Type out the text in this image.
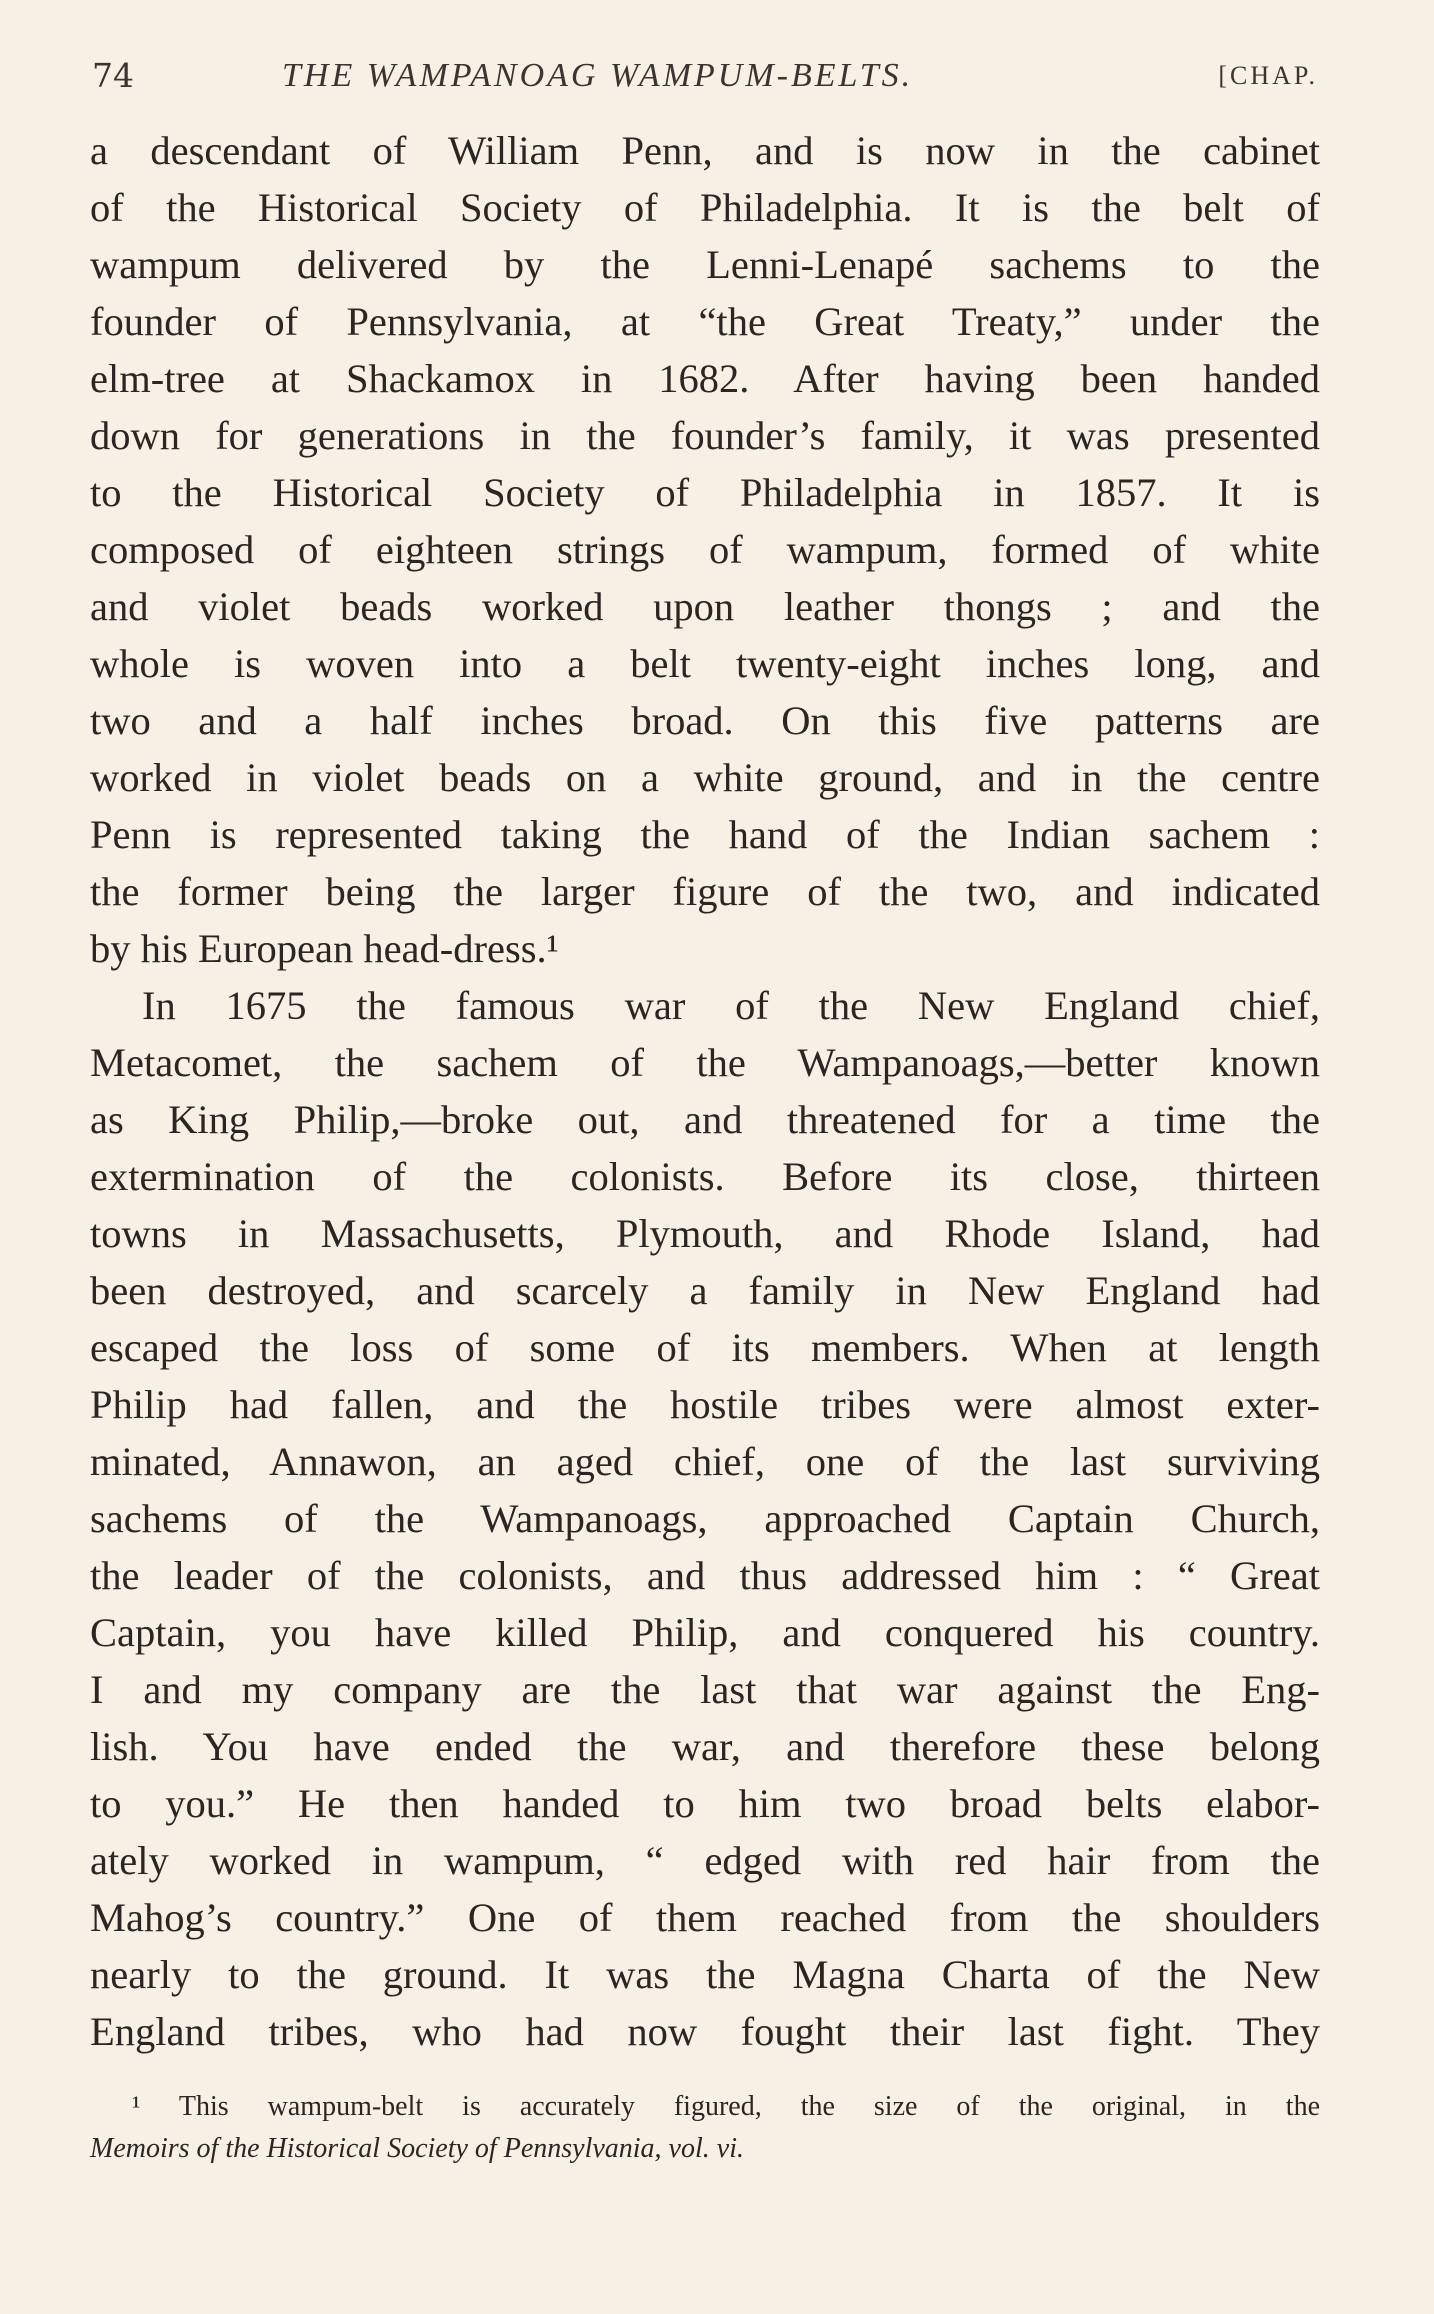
74	THE WAMPANOAG WAMPUM-BELTS.	[CHAP.
a descendant of William Penn, and is now in the cabinet
of the Historical Society of Philadelphia. It is the belt of
wampum delivered by the Lenni-Lenapé sachems to the
founder of Pennsylvania, at “the Great Treaty,” under the
elm-tree at Shackamox in 1682. After having been handed
down for generations in the founder’s family, it was presented
to the Historical Society of Philadelphia in 1857. It is
composed of eighteen strings of wampum, formed of white
and violet beads worked upon leather thongs ; and the
whole is woven into a belt twenty-eight inches long, and
two and a half inches broad. On this five patterns are
worked in violet beads on a white ground, and in the centre
Penn is represented taking the hand of the Indian sachem :
the former being the larger figure of the two, and indicated
by his European head-dress.¹
In 1675 the famous war of the New England chief,
Metacomet, the sachem of the Wampanoags,—better known
as King Philip,—broke out, and threatened for a time the
extermination of the colonists. Before its close, thirteen
towns in Massachusetts, Plymouth, and Rhode Island, had
been destroyed, and scarcely a family in New England had
escaped the loss of some of its members. When at length
Philip had fallen, and the hostile tribes were almost exter-
minated, Annawon, an aged chief, one of the last surviving
sachems of the Wampanoags, approached Captain Church,
the leader of the colonists, and thus addressed him : “ Great
Captain, you have killed Philip, and conquered his country.
I and my company are the last that war against the Eng-
lish. You have ended the war, and therefore these belong
to you.” He then handed to him two broad belts elabor-
ately worked in wampum, “ edged with red hair from the
Mahog’s country.” One of them reached from the shoulders
nearly to the ground. It was the Magna Charta of the New
England tribes, who had now fought their last fight. They
¹ This wampum-belt is accurately figured, the size of the original, in the
Memoirs of the Historical Society of Pennsylvania, vol. vi.
